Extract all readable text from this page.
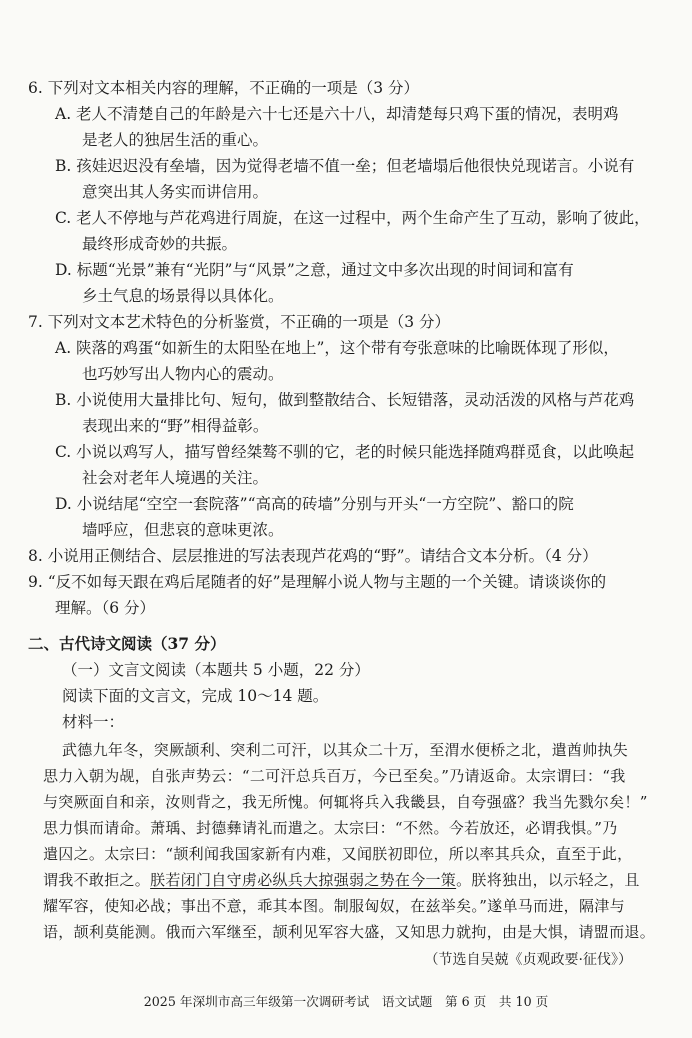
6. 下列对文本相关内容的理解，不正确的一项是（3 分）
A. 老人不清楚自己的年龄是六十七还是六十八，却清楚每只鸡下蛋的情况，表明鸡
是老人的独居生活的重心。
B. 孩娃迟迟没有垒墙，因为觉得老墙不值一垒；但老墙塌后他很快兑现诺言。小说有
意突出其人务实而讲信用。
C. 老人不停地与芦花鸡进行周旋，在这一过程中，两个生命产生了互动，影响了彼此，
最终形成奇妙的共振。
D. 标题“光景”兼有“光阴”与“风景”之意，通过文中多次出现的时间词和富有
乡土气息的场景得以具体化。
7. 下列对文本艺术特色的分析鉴赏，不正确的一项是（3 分）
A. 陕落的鸡蛋“如新生的太阳坠在地上”，这个带有夸张意味的比喻既体现了形似，
也巧妙写出人物内心的震动。
B. 小说使用大量排比句、短句，做到整散结合、长短错落，灵动活泼的风格与芦花鸡
表现出来的“野”相得益彰。
C. 小说以鸡写人，描写曾经桀骜不驯的它，老的时候只能选择随鸡群觅食，以此唤起
社会对老年人境遇的关注。
D. 小说结尾“空空一套院落”“高高的砖墙”分别与开头“一方空院”、豁口的院
墙呼应，但悲哀的意味更浓。
8. 小说用正侧结合、层层推进的写法表现芦花鸡的“野”。请结合文本分析。（4 分）
9. “反不如每天跟在鸡后尾随者的好”是理解小说人物与主题的一个关键。请谈谈你的
理解。（6 分）
二、古代诗文阅读（37 分）
（一）文言文阅读（本题共 5 小题，22 分）
阅读下面的文言文，完成 10～14 题。
材料一：
武德九年冬，突厥颉利、突利二可汗，以其众二十万，至渭水便桥之北，遣酋帅执失
思力入朝为觇，自张声势云：“二可汗总兵百万，今已至矣。”乃请返命。太宗谓曰：“我
与突厥面自和亲，汝则背之，我无所愧。何辄将兵入我畿县，自夸强盛？我当先戮尔矣！”
思力惧而请命。萧瑀、封德彝请礼而遣之。太宗曰：“不然。今若放还，必谓我惧。”乃
遣囚之。太宗曰：“颉利闻我国家新有内难，又闻朕初即位，所以率其兵众，直至于此，
谓我不敢拒之。朕若闭门自守虏必纵兵大掠强弱之势在今一策。朕将独出，以示轻之，且
耀军容，使知必战；事出不意，乖其本图。制服匈奴，在兹举矣。”遂单马而进，隔津与
语，颉利莫能测。俄而六军继至，颉利见军容大盛，又知思力就拘，由是大惧，请盟而退。
（节选自吴兢《贞观政要·征伐》）
2025 年深圳市高三年级第一次调研考试　语文试题　第 6 页　共 10 页
